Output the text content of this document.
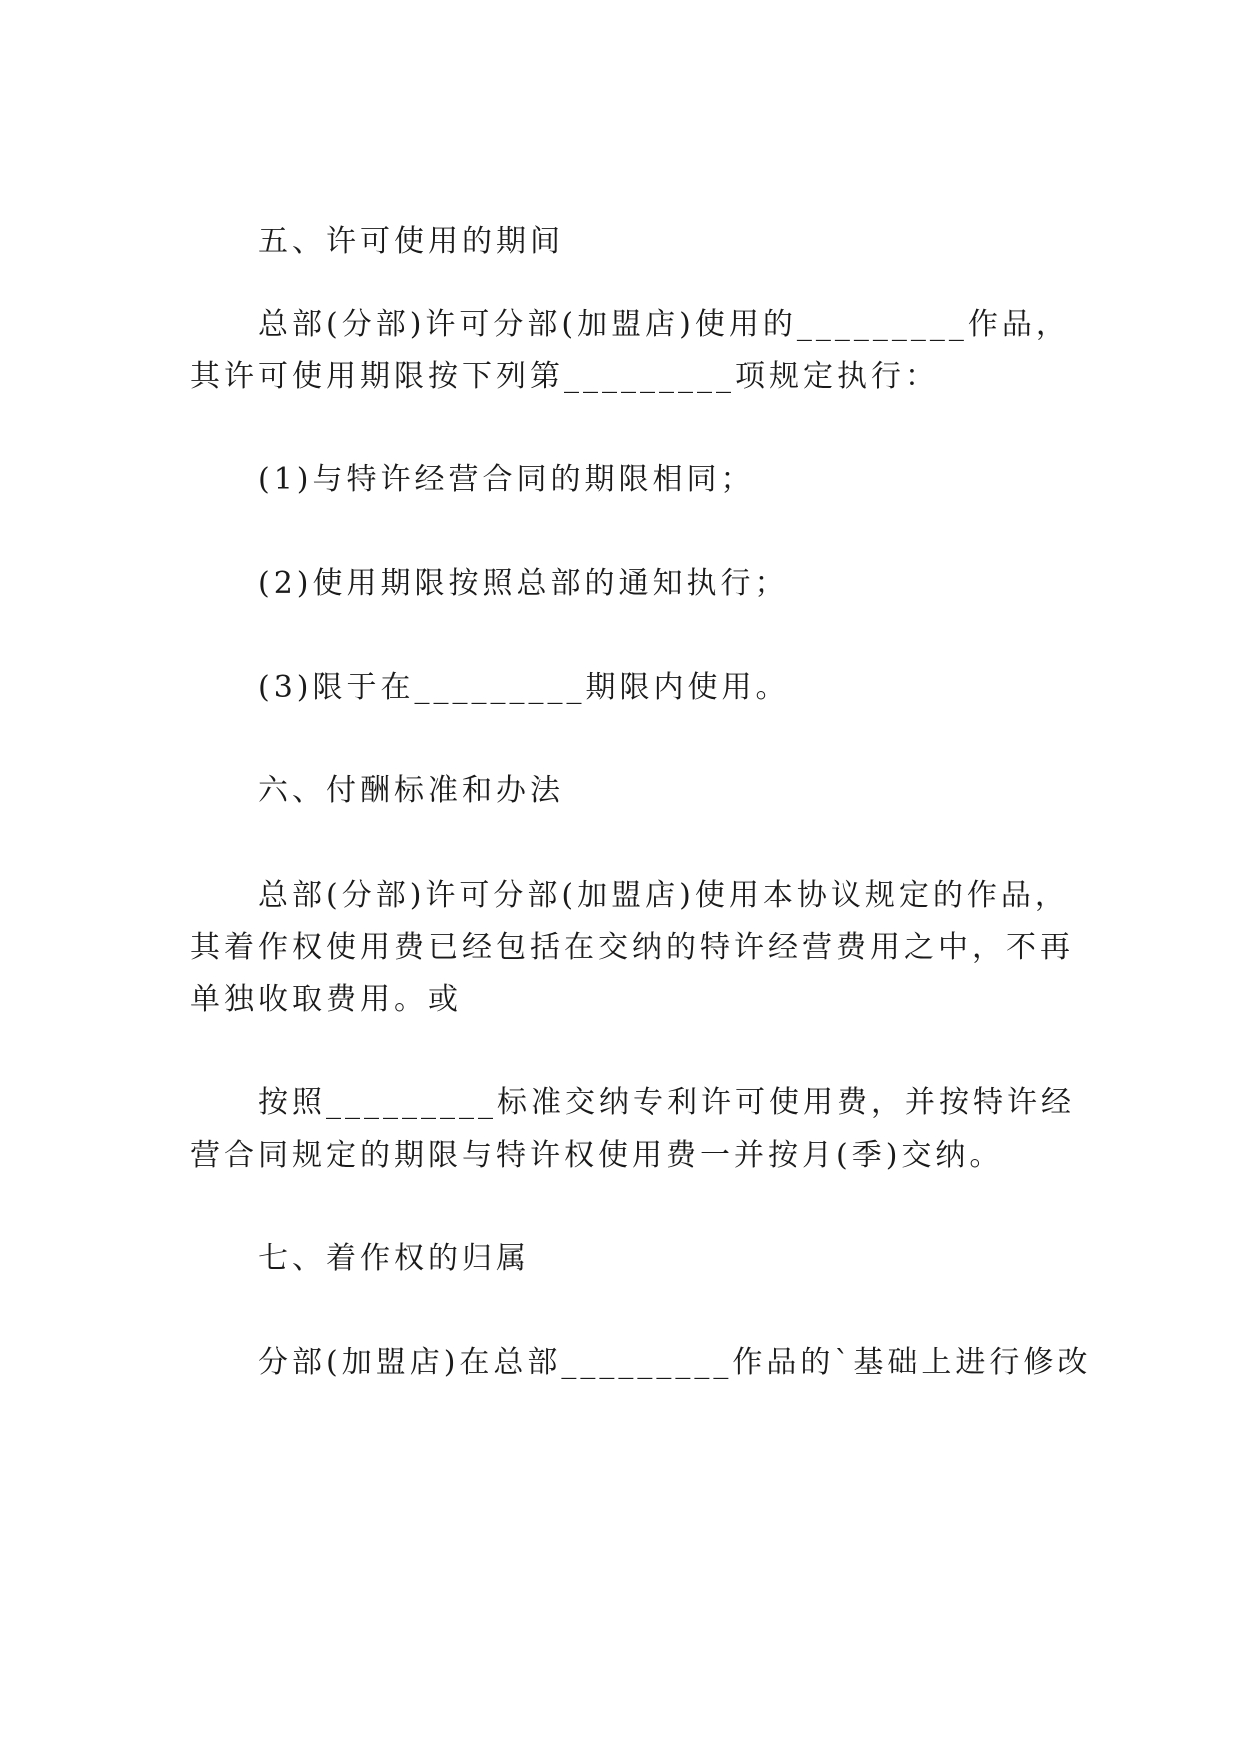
五、许可使用的期间
总部(分部)许可分部(加盟店)使用的_________作品，
其许可使用期限按下列第_________项规定执行：
(1)与特许经营合同的期限相同；
(2)使用期限按照总部的通知执行；
(3)限于在_________期限内使用。
六、付酬标准和办法
总部(分部)许可分部(加盟店)使用本协议规定的作品，
其着作权使用费已经包括在交纳的特许经营费用之中，不再
单独收取费用。或
按照_________标准交纳专利许可使用费，并按特许经
营合同规定的期限与特许权使用费一并按月(季)交纳。
七、着作权的归属
分部(加盟店)在总部_________作品的`基础上进行修改
